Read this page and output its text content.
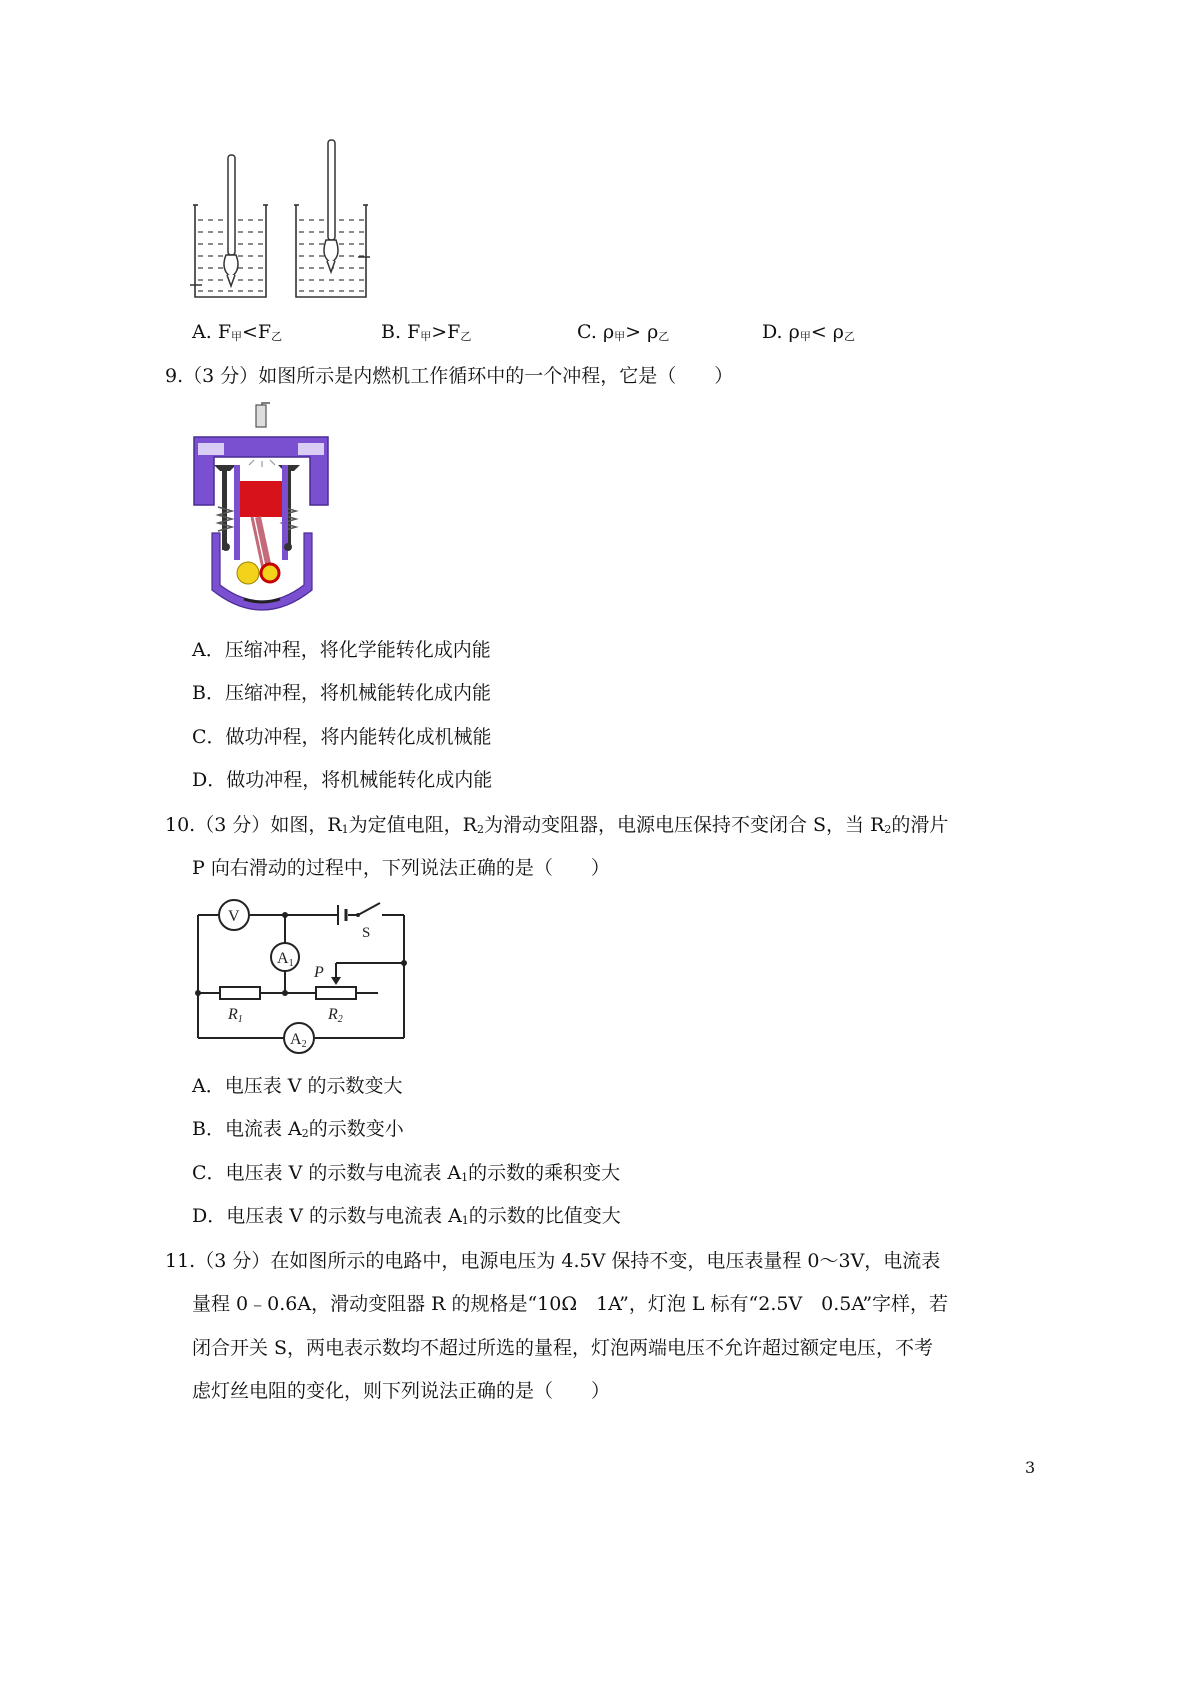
A. F甲<F乙	B. F甲>F乙	C. ρ甲> ρ乙	D. ρ甲< ρ乙
9.（3 分）如图所示是内燃机工作循环中的一个冲程，它是（　　）
A．压缩冲程，将化学能转化成内能
B．压缩冲程，将机械能转化成内能
C．做功冲程，将内能转化成机械能
D．做功冲程，将机械能转化成内能
10.（3 分）如图，R1为定值电阻，R2为滑动变阻器，电源电压保持不变闭合 S，当 R2的滑片
P 向右滑动的过程中，下列说法正确的是（　　）
V
A1
A2
S
P
R1	R2
A．电压表 V 的示数变大
B．电流表 A2的示数变小
C．电压表 V 的示数与电流表 A1的示数的乘积变大
D．电压表 V 的示数与电流表 A1的示数的比值变大
11.（3 分）在如图所示的电路中，电源电压为 4.5V 保持不变，电压表量程 0～3V，电流表
量程 0﹣0.6A，滑动变阻器 R 的规格是“10Ω　1A”，灯泡 L 标有“2.5V　0.5A”字样，若
闭合开关 S，两电表示数均不超过所选的量程，灯泡两端电压不允许超过额定电压，不考
虑灯丝电阻的变化，则下列说法正确的是（　　）
3
